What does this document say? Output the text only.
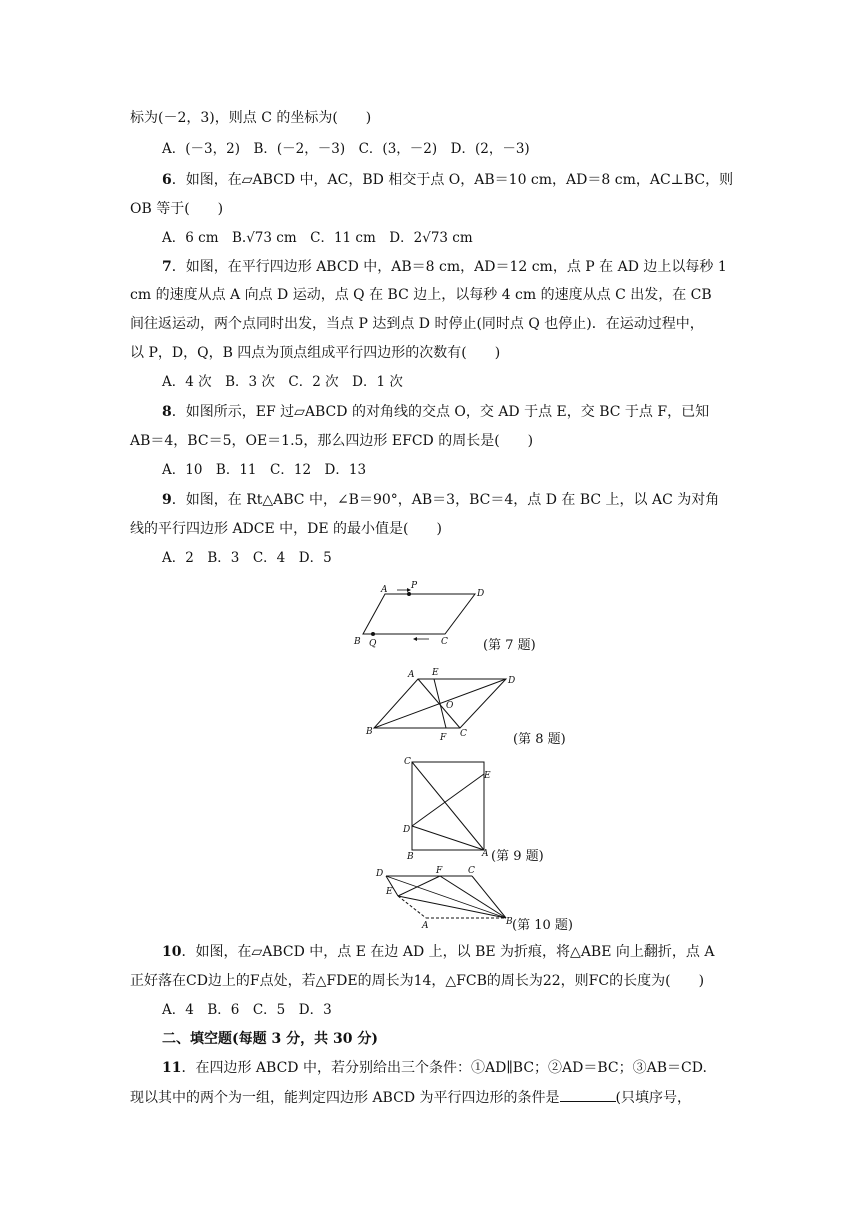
标为(－2，3)，则点 C 的坐标为(　　)
A．(－3，2)　B．(－2，－3)　C．(3，－2)　D．(2，－3)
6．如图，在▱ABCD 中，AC，BD 相交于点 O，AB＝10 cm，AD＝8 cm，AC⊥BC，则
OB 等于(　　)
A．6 cm　B.√73 cm　C．11 cm　D．2√73 cm
7．如图，在平行四边形 ABCD 中，AB＝8 cm，AD＝12 cm，点 P 在 AD 边上以每秒 1
cm 的速度从点 A 向点 D 运动，点 Q 在 BC 边上，以每秒 4 cm 的速度从点 C 出发，在 CB
间往返运动，两个点同时出发，当点 P 达到点 D 时停止(同时点 Q 也停止)．在运动过程中，
以 P，D，Q，B 四点为顶点组成平行四边形的次数有(　　)
A．4 次　B．3 次　C．2 次　D．1 次
8．如图所示，EF 过▱ABCD 的对角线的交点 O，交 AD 于点 E，交 BC 于点 F，已知
AB＝4，BC＝5，OE＝1.5，那么四边形 EFCD 的周长是(　　)
A．10　B．11　C．12　D．13
9．如图，在 Rt△ABC 中，∠B＝90°，AB＝3，BC＝4，点 D 在 BC 上，以 AC 为对角
线的平行四边形 ADCE 中，DE 的最小值是(　　)
A．2　B．3　C．4　D．5
A	P
D
B Q	C	(第 7 题)
A E
D
O
B
F C	(第 8 题)
C
E
D
B	A (第 9 题)
D	F	C
E
A	B (第 10 题)
10．如图，在▱ABCD 中，点 E 在边 AD 上，以 BE 为折痕，将△ABE 向上翻折，点 A
正好落在CD边上的F点处，若△FDE的周长为14，△FCB的周长为22，则FC的长度为(　　)
A．4　B．6　C．5　D．3
二、填空题(每题 3 分，共 30 分)
11．在四边形 ABCD 中，若分别给出三个条件：①AD∥BC；②AD＝BC；③AB＝CD.
现以其中的两个为一组，能判定四边形 ABCD 为平行四边形的条件是	(只填序号，
